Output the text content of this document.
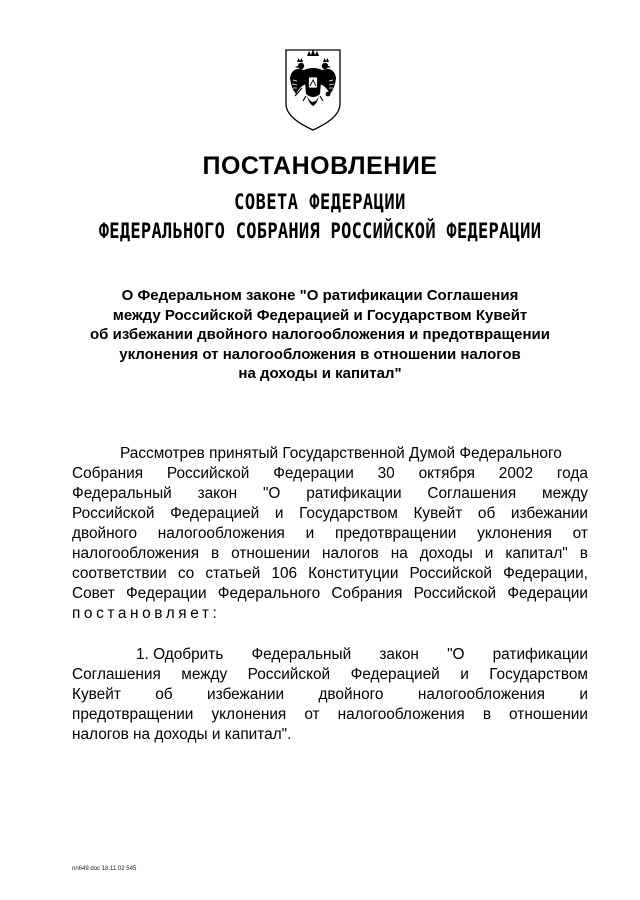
ПОСТАНОВЛЕНИЕ
СОВЕТА ФЕДЕРАЦИИ
ФЕДЕРАЛЬНОГО СОБРАНИЯ РОССИЙСКОЙ ФЕДЕРАЦИИ
О Федеральном законе "О ратификации Соглашения
между Российской Федерацией и Государством Кувейт
об избежании двойного налогообложения и предотвращении
уклонения от налогообложения в отношении налогов
на доходы и капитал"
Рассмотрев принятый Государственной Думой Федерального
Собрания Российской Федерации 30 октября 2002 года
Федеральный закон "О ратификации Соглашения между
Российской Федерацией и Государством Кувейт об избежании
двойного налогообложения и предотвращении уклонения от
налогообложения в отношении налогов на доходы и капитал" в
соответствии со статьей 106 Конституции Российской Федерации,
Совет Федерации Федерального Собрания Российской Федерации
постановляет:
1. Одобрить Федеральный закон "О ратификации
Соглашения между Российской Федерацией и Государством
Кувейт об избежании двойного налогообложения и
предотвращении уклонения от налогообложения в отношении
налогов на доходы и капитал".
nn649.doc 18.11.02 545
